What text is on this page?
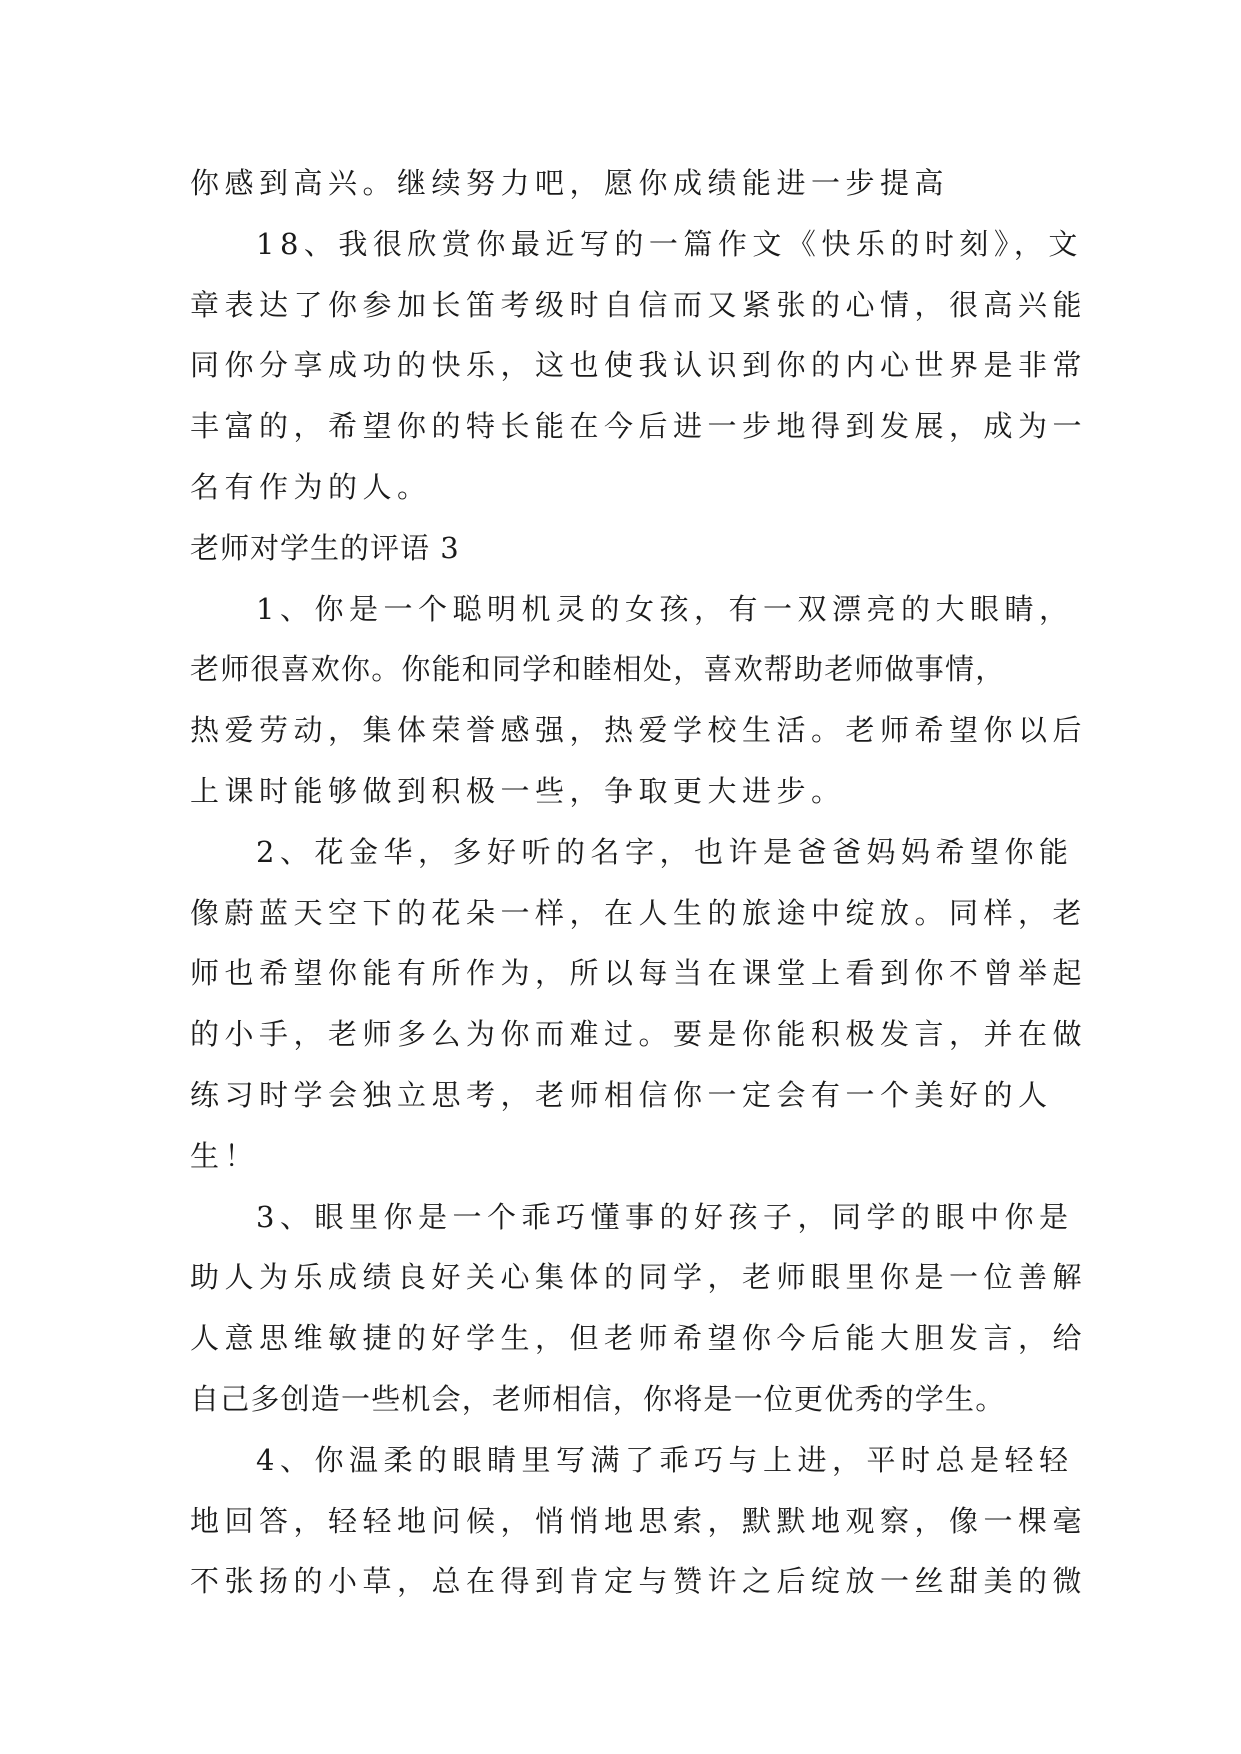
你感到高兴。继续努力吧，愿你成绩能进一步提高
18、我很欣赏你最近写的一篇作文《快乐的时刻》，文
章表达了你参加长笛考级时自信而又紧张的心情，很高兴能
同你分享成功的快乐，这也使我认识到你的内心世界是非常
丰富的，希望你的特长能在今后进一步地得到发展，成为一
名有作为的人。
老师对学生的评语 3
1、你是一个聪明机灵的女孩，有一双漂亮的大眼睛，
老师很喜欢你。你能和同学和睦相处，喜欢帮助老师做事情，
热爱劳动，集体荣誉感强，热爱学校生活。老师希望你以后
上课时能够做到积极一些，争取更大进步。
2、花金华，多好听的名字，也许是爸爸妈妈希望你能
像蔚蓝天空下的花朵一样，在人生的旅途中绽放。同样，老
师也希望你能有所作为，所以每当在课堂上看到你不曾举起
的小手，老师多么为你而难过。要是你能积极发言，并在做
练习时学会独立思考，老师相信你一定会有一个美好的人
生！
3、眼里你是一个乖巧懂事的好孩子，同学的眼中你是
助人为乐成绩良好关心集体的同学，老师眼里你是一位善解
人意思维敏捷的好学生，但老师希望你今后能大胆发言，给
自己多创造一些机会，老师相信，你将是一位更优秀的学生。
4、你温柔的眼睛里写满了乖巧与上进，平时总是轻轻
地回答，轻轻地问候，悄悄地思索，默默地观察，像一棵毫
不张扬的小草，总在得到肯定与赞许之后绽放一丝甜美的微
